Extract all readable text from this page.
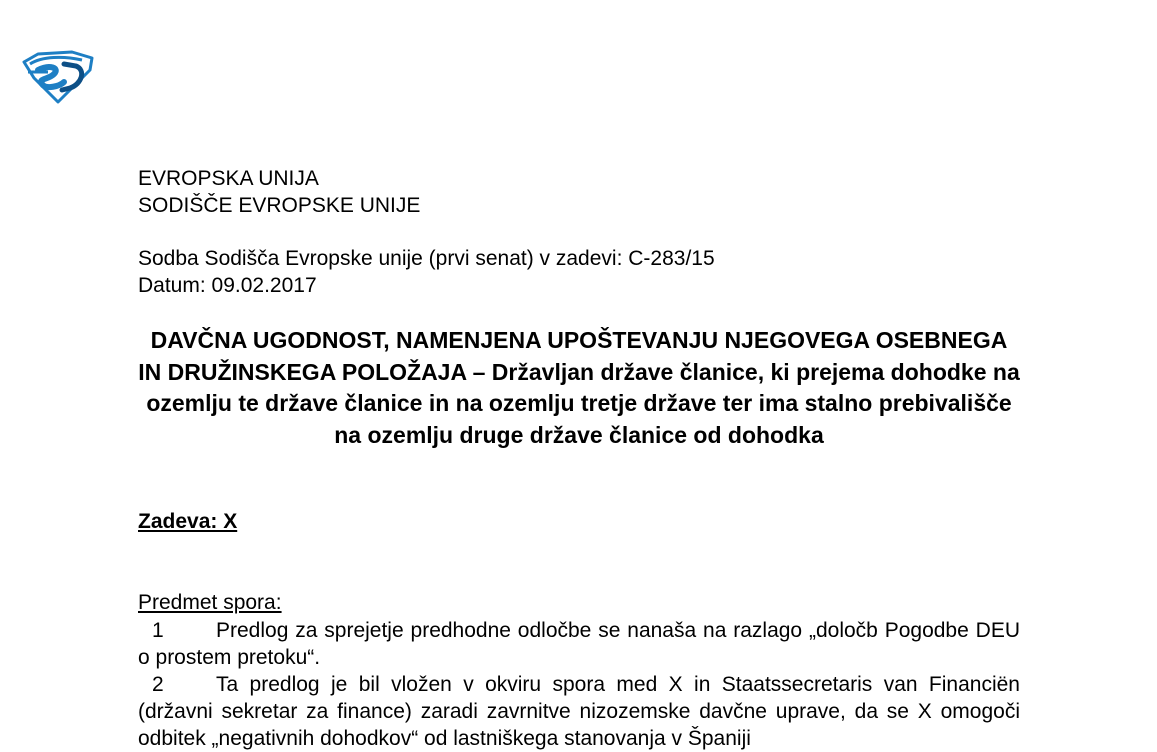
EVROPSKA UNIJA
SODIŠČE EVROPSKE UNIJE
Sodba Sodišča Evropske unije (prvi senat) v zadevi: C-283/15
Datum: 09.02.2017
DAVČNA UGODNOST, NAMENJENA UPOŠTEVANJU NJEGOVEGA OSEBNEGA IN DRUŽINSKEGA POLOŽAJA – Državljan države članice, ki prejema dohodke na ozemlju te države članice in na ozemlju tretje države ter ima stalno prebivališče na ozemlju druge države članice od dohodka
Zadeva: X
Predmet spora:
1 Predlog za sprejetje predhodne odločbe se nanaša na razlago „določb Pogodbe DEU o prostem pretoku“.
2 Ta predlog je bil vložen v okviru spora med X in Staatssecretaris van Financiën (državni sekretar za finance) zaradi zavrnitve nizozemske davčne uprave, da se X omogoči odbitek „negativnih dohodkov“ od lastniškega stanovanja v Španiji
